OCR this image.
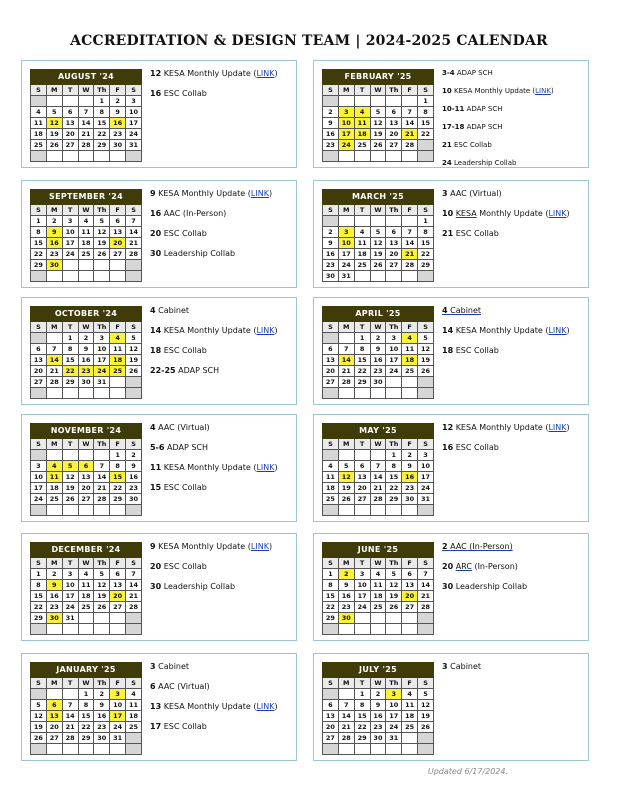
ACCREDITATION & DESIGN TEAM | 2024-2025 CALENDAR
AUGUST '24						
S	M	T	W	Th	F	S
				1	2	3
4	5	6	7	8	9	10
11	12	13	14	15	16	17
18	19	20	21	22	23	24
25	26	27	28	29	30	31

12 KESA Monthly Update (LINK)
16 ESC Collab
FEBRUARY '25						
S	M	T	W	Th	F	S
						1
2	3	4	5	6	7	8
9	10	11	12	13	14	15
16	17	18	19	20	21	22
23	24	25	26	27	28	

3-4 ADAP SCH
10 KESA Monthly Update (LINK)
10-11 ADAP SCH
17-18 ADAP SCH
21 ESC Collab
24 Leadership Collab
SEPTEMBER '24						
S	M	T	W	Th	F	S
1	2	3	4	5	6	7
8	9	10	11	12	13	14
15	16	17	18	19	20	21
22	23	24	25	26	27	28
29	30					

9 KESA Monthly Update (LINK)
16 AAC (In-Person)
20 ESC Collab
30 Leadership Collab
MARCH '25						
S	M	T	W	Th	F	S
						1
2	3	4	5	6	7	8
9	10	11	12	13	14	15
16	17	18	19	20	21	22
23	24	25	26	27	28	29
30	31					
3 AAC (Virtual)
10 KESA Monthly Update (LINK)
21 ESC Collab
OCTOBER '24						
S	M	T	W	Th	F	S
		1	2	3	4	5
6	7	8	9	10	11	12
13	14	15	16	17	18	19
20	21	22	23	24	25	26
27	28	29	30	31		

4 Cabinet
14 KESA Monthly Update (LINK)
18 ESC Collab
22-25 ADAP SCH
APRIL '25						
S	M	T	W	Th	F	S
		1	2	3	4	5
6	7	8	9	10	11	12
13	14	15	16	17	18	19
20	21	22	23	24	25	26
27	28	29	30			

4 Cabinet
14 KESA Monthly Update (LINK)
18 ESC Collab
NOVEMBER '24						
S	M	T	W	Th	F	S
					1	2
3	4	5	6	7	8	9
10	11	12	13	14	15	16
17	18	19	20	21	22	23
24	25	26	27	28	29	30

4 AAC (Virtual)
5-6 ADAP SCH
11 KESA Monthly Update (LINK)
15 ESC Collab
MAY '25						
S	M	T	W	Th	F	S
				1	2	3
4	5	6	7	8	9	10
11	12	13	14	15	16	17
18	19	20	21	22	23	24
25	26	27	28	29	30	31

12 KESA Monthly Update (LINK)
16 ESC Collab
DECEMBER '24						
S	M	T	W	Th	F	S
1	2	3	4	5	6	7
8	9	10	11	12	13	14
15	16	17	18	19	20	21
22	23	24	25	26	27	28
29	30	31				

9 KESA Monthly Update (LINK)
20 ESC Collab
30 Leadership Collab
JUNE '25						
S	M	T	W	Th	F	S
1	2	3	4	5	6	7
8	9	10	11	12	13	14
15	16	17	18	19	20	21
22	23	24	25	26	27	28
29	30					

2 AAC (In-Person)
20 ARC (In-Person)
30 Leadership Collab
JANUARY '25						
S	M	T	W	Th	F	S
			1	2	3	4
5	6	7	8	9	10	11
12	13	14	15	16	17	18
19	20	21	22	23	24	25
26	27	28	29	30	31	

3 Cabinet
6 AAC (Virtual)
13 KESA Monthly Update (LINK)
17 ESC Collab
JULY '25						
S	M	T	W	Th	F	S
		1	2	3	4	5
6	7	8	9	10	11	12
13	14	15	16	17	18	19
20	21	22	23	24	25	26
27	28	29	30	31		

3 Cabinet
Updated 6/17/2024.
